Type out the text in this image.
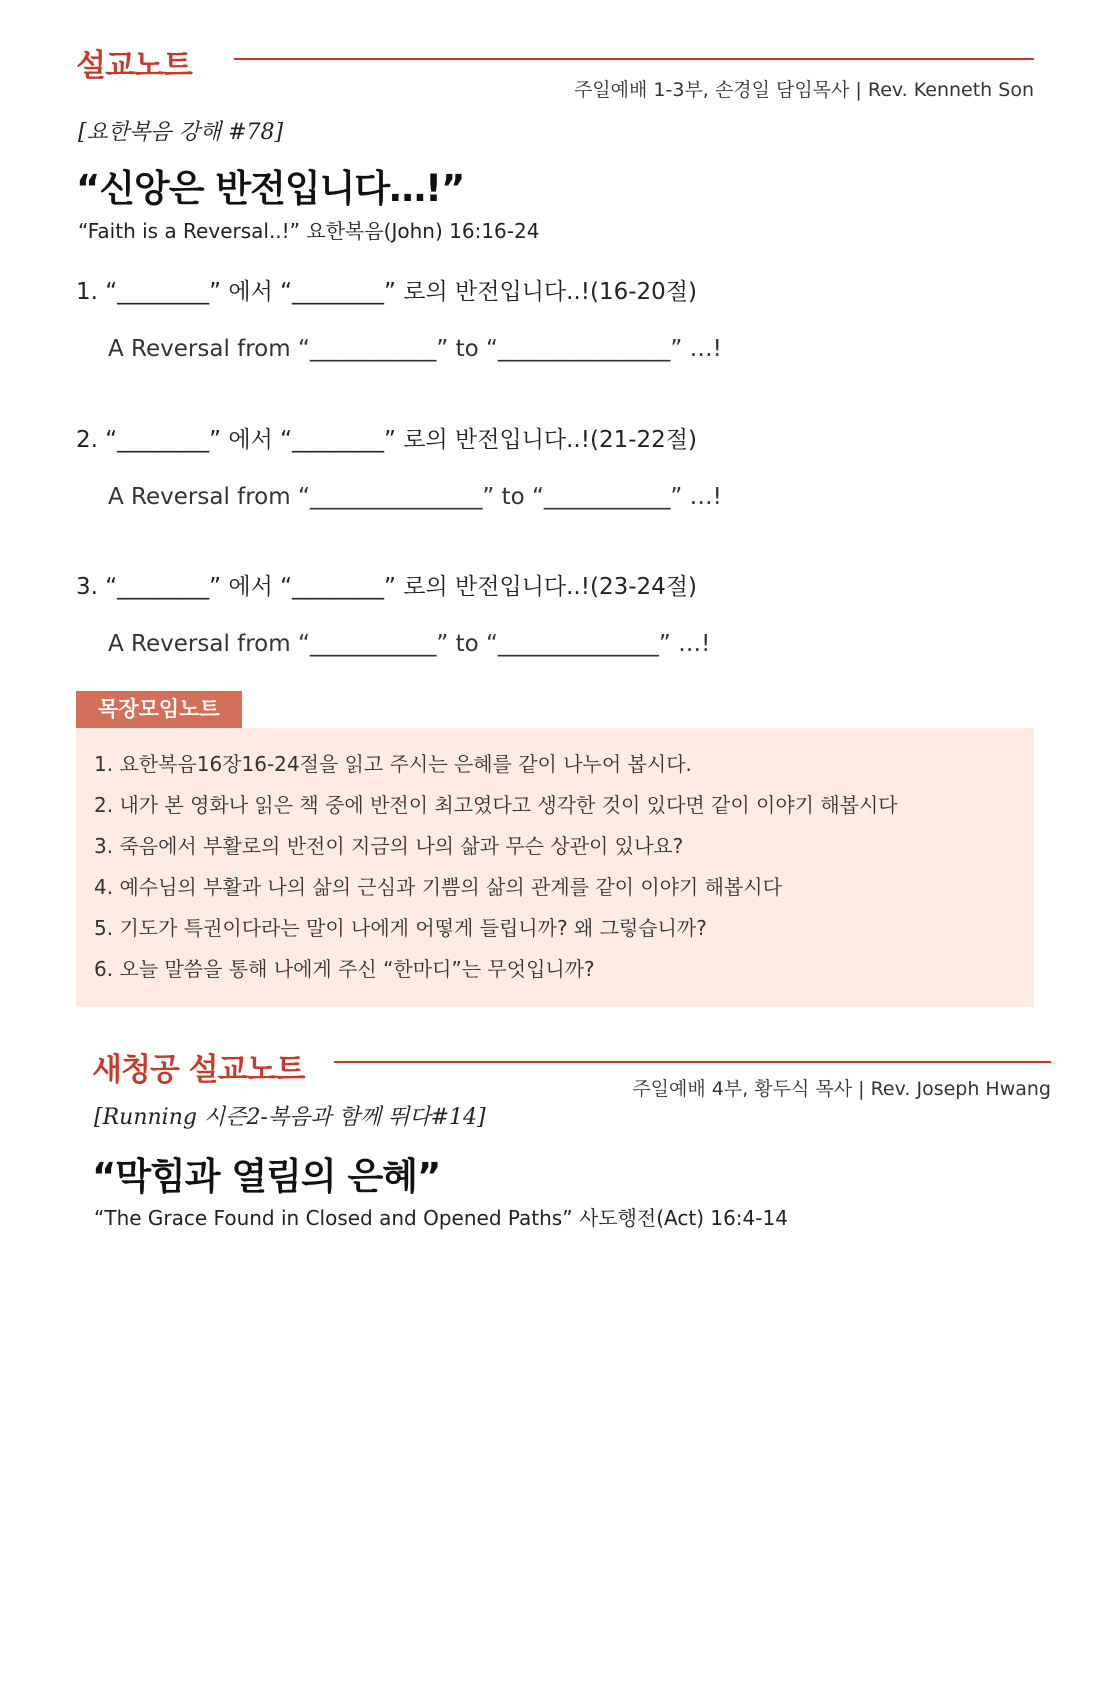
설교노트
주일예배 1-3부, 손경일 담임목사 | Rev. Kenneth Son
[요한복음 강해 #78]
“신앙은 반전입니다…!”
“Faith is a Reversal..!” 요한복음(John) 16:16-24
1. “________” 에서 “________” 로의 반전입니다..!(16-20절)
A Reversal from “___________” to “_______________” …!
2. “________” 에서 “________” 로의 반전입니다..!(21-22절)
A Reversal from “_______________” to “___________” …!
3. “________” 에서 “________” 로의 반전입니다..!(23-24절)
A Reversal from “___________” to “______________” …!
목장모임노트
1. 요한복음16장16-24절을 읽고 주시는 은혜를 같이 나누어 봅시다.
2. 내가 본 영화나 읽은 책 중에 반전이 최고였다고 생각한 것이 있다면 같이 이야기 해봅시다
3. 죽음에서 부활로의 반전이 지금의 나의 삶과 무슨 상관이 있나요?
4. 예수님의 부활과 나의 삶의 근심과 기쁨의 삶의 관계를 같이 이야기 해봅시다
5. 기도가 특권이다라는 말이 나에게 어떻게 들립니까? 왜 그렇습니까?
6. 오늘 말씀을 통해 나에게 주신 “한마디”는 무엇입니까?
새청공 설교노트
주일예배 4부, 황두식 목사 | Rev. Joseph Hwang
[Running 시즌2-복음과 함께 뛰다#14]
“막힘과 열림의 은혜”
“The Grace Found in Closed and Opened Paths” 사도행전(Act) 16:4-14
